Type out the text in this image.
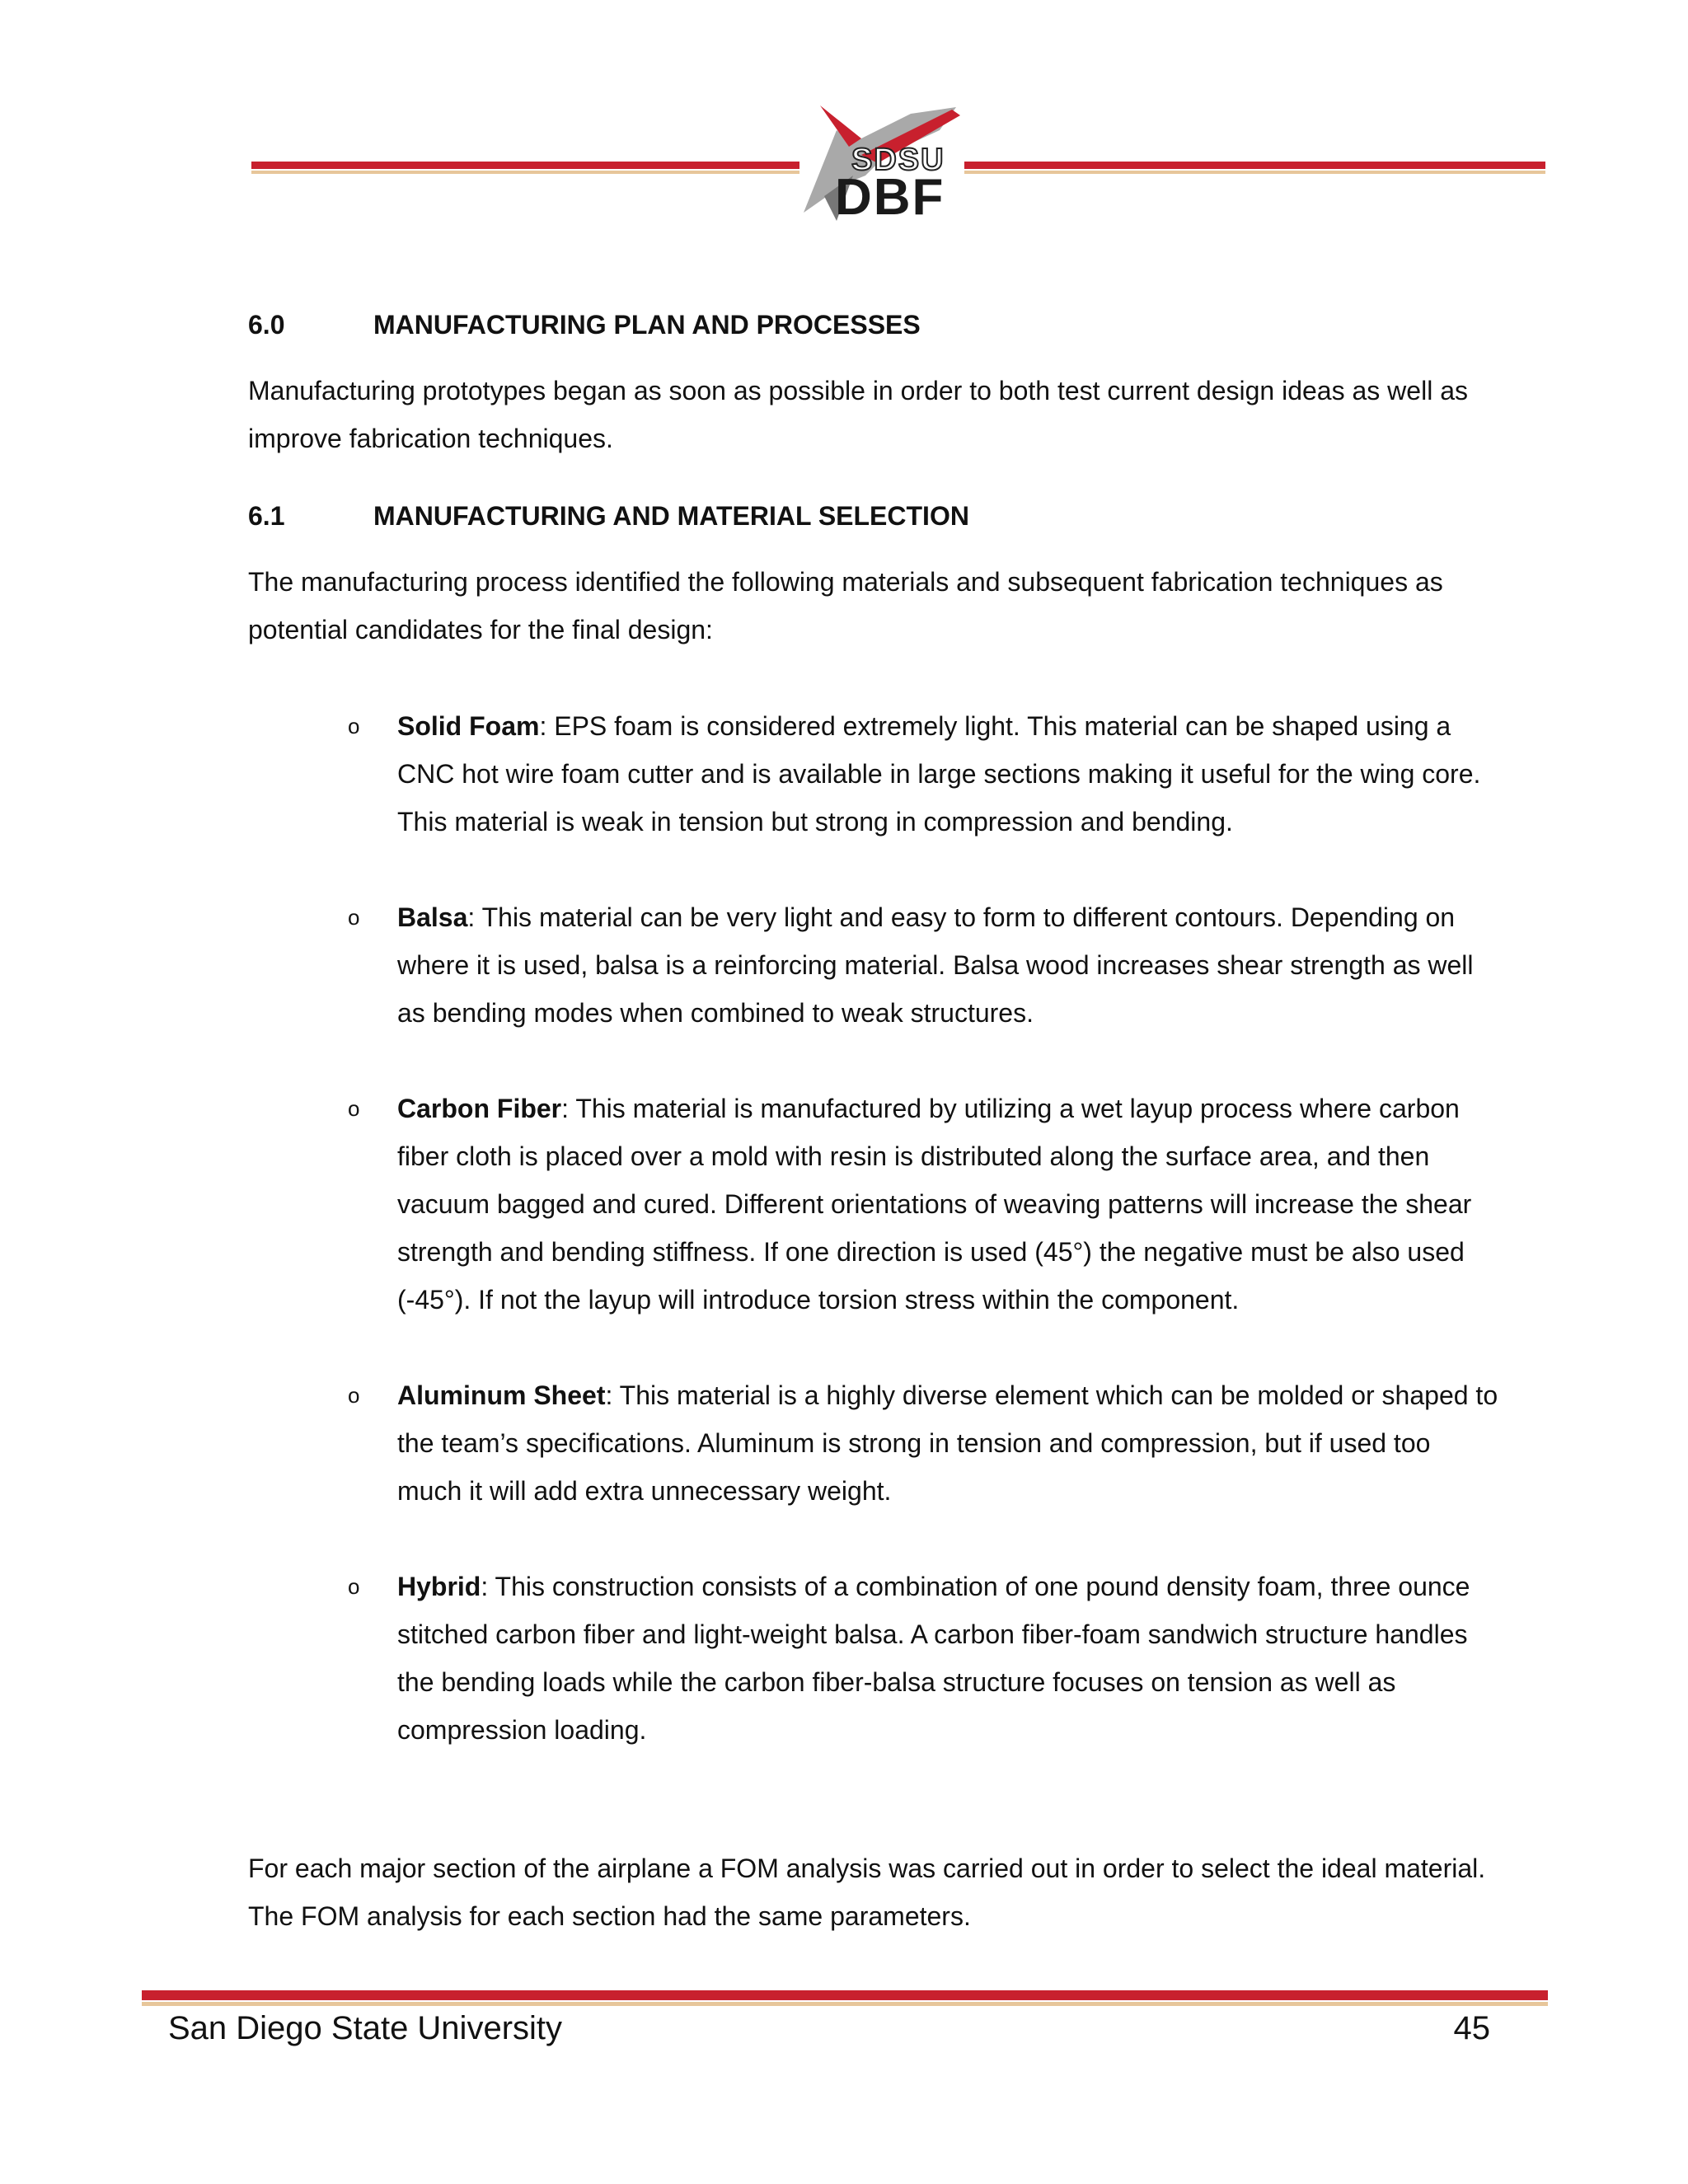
SDSU
DBF
6.0	MANUFACTURING PLAN AND PROCESSES
Manufacturing prototypes began as soon as possible in order to both test current design ideas as well as improve fabrication techniques.
6.1	MANUFACTURING AND MATERIAL SELECTION
The manufacturing process identified the following materials and subsequent fabrication techniques as potential candidates for the final design:
o Solid Foam: EPS foam is considered extremely light. This material can be shaped using a CNC hot wire foam cutter and is available in large sections making it useful for the wing core. This material is weak in tension but strong in compression and bending.
o Balsa: This material can be very light and easy to form to different contours. Depending on where it is used, balsa is a reinforcing material. Balsa wood increases shear strength as well as bending modes when combined to weak structures.
o Carbon Fiber: This material is manufactured by utilizing a wet layup process where carbon fiber cloth is placed over a mold with resin is distributed along the surface area, and then vacuum bagged and cured. Different orientations of weaving patterns will increase the shear strength and bending stiffness. If one direction is used (45°) the negative must be also used (-45°). If not the layup will introduce torsion stress within the component.
o Aluminum Sheet: This material is a highly diverse element which can be molded or shaped to the team’s specifications. Aluminum is strong in tension and compression, but if used too much it will add extra unnecessary weight.
o Hybrid: This construction consists of a combination of one pound density foam, three ounce stitched carbon fiber and light-weight balsa. A carbon fiber-foam sandwich structure handles the bending loads while the carbon fiber-balsa structure focuses on tension as well as compression loading.
For each major section of the airplane a FOM analysis was carried out in order to select the ideal material. The FOM analysis for each section had the same parameters.
San Diego State University	45
